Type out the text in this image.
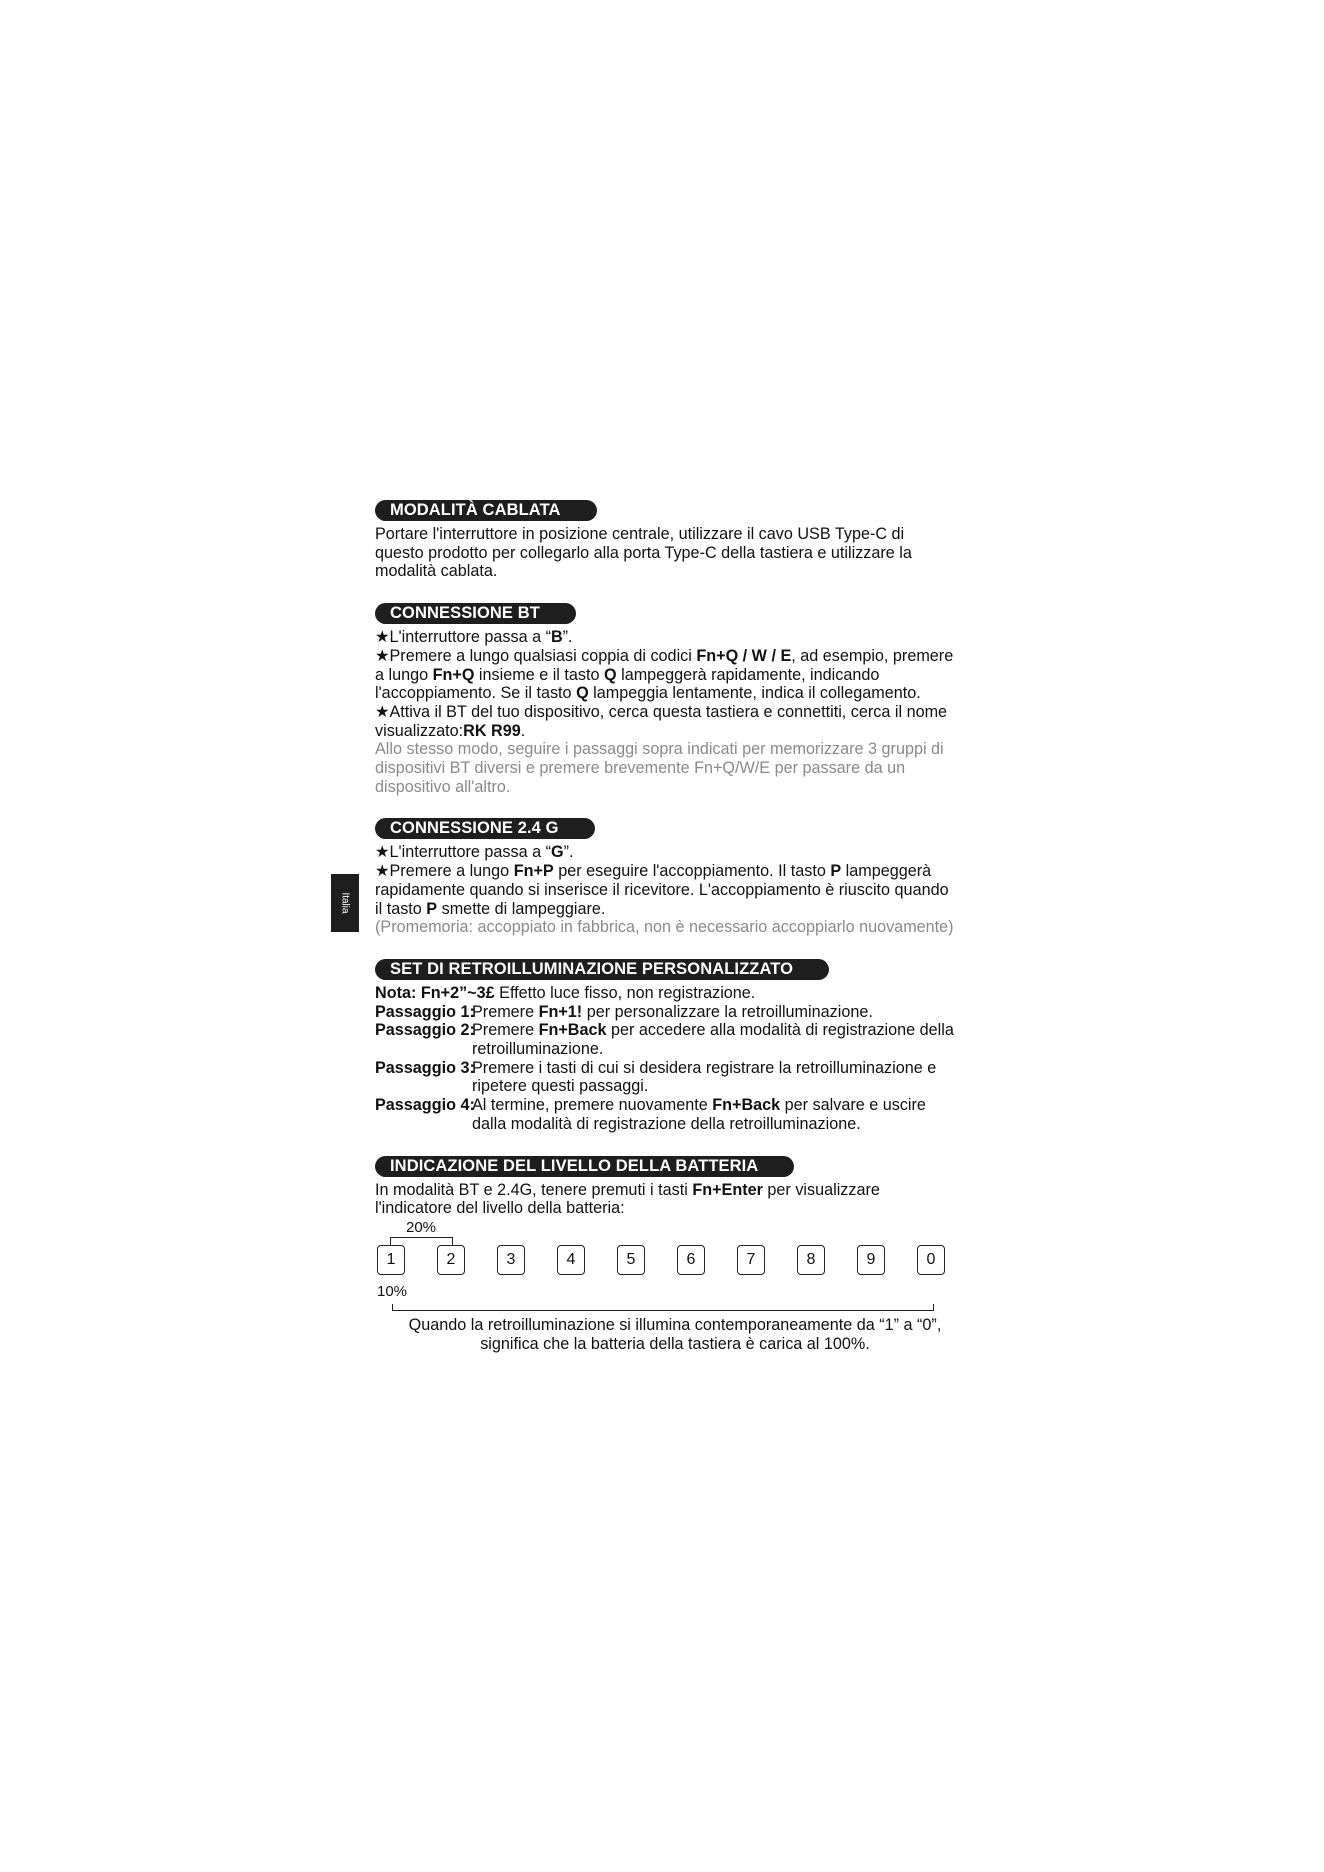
Italia
MODALITÀ CABLATA

Portare l'interruttore in posizione centrale, utilizzare il cavo USB Type-C di questo prodotto per collegarlo alla porta Type-C della tastiera e utilizzare la modalità cablata.

CONNESSIONE BT

★L'interruttore passa a “B”.

★Premere a lungo qualsiasi coppia di codici Fn+Q / W / E, ad esempio, premere a lungo Fn+Q insieme e il tasto Q lampeggerà rapidamente, indicando l'accoppiamento. Se il tasto Q lampeggia lentamente, indica il collegamento.

★Attiva il BT del tuo dispositivo, cerca questa tastiera e connettiti, cerca il nome visualizzato:RK R99.

Allo stesso modo, seguire i passaggi sopra indicati per memorizzare 3 gruppi di dispositivi BT diversi e premere brevemente Fn+Q/W/E per passare da un dispositivo all'altro.

CONNESSIONE 2.4 G

★L'interruttore passa a “G”.

★Premere a lungo Fn+P per eseguire l'accoppiamento. Il tasto P lampeggerà rapidamente quando si inserisce il ricevitore. L'accoppiamento è riuscito quando il tasto P smette di lampeggiare.

(Promemoria: accoppiato in fabbrica, non è necessario accoppiarlo nuovamente)

SET DI RETROILLUMINAZIONE PERSONALIZZATO

Nota: Fn+2”~3£ Effetto luce fisso, non registrazione.

Passaggio 1:
Premere Fn+1! per personalizzare la retroilluminazione.
Passaggio 2:
Premere Fn+Back per accedere alla modalità di registrazione della retroilluminazione.
Passaggio 3:
Premere i tasti di cui si desidera registrare la retroilluminazione e ripetere questi passaggi.
Passaggio 4:
Al termine, premere nuovamente Fn+Back per salvare e uscire dalla modalità di registrazione della retroilluminazione.
INDICAZIONE DEL LIVELLO DELLA BATTERIA

In modalità BT e 2.4G, tenere premuti i tasti Fn+Enter per visualizzare l'indicatore del livello della batteria:

20%
1	2	3	4	5	6	7	8	9	0
10%
Quando la retroilluminazione si illumina contemporaneamente da “1” a “0”,
significa che la batteria della tastiera è carica al 100%.
